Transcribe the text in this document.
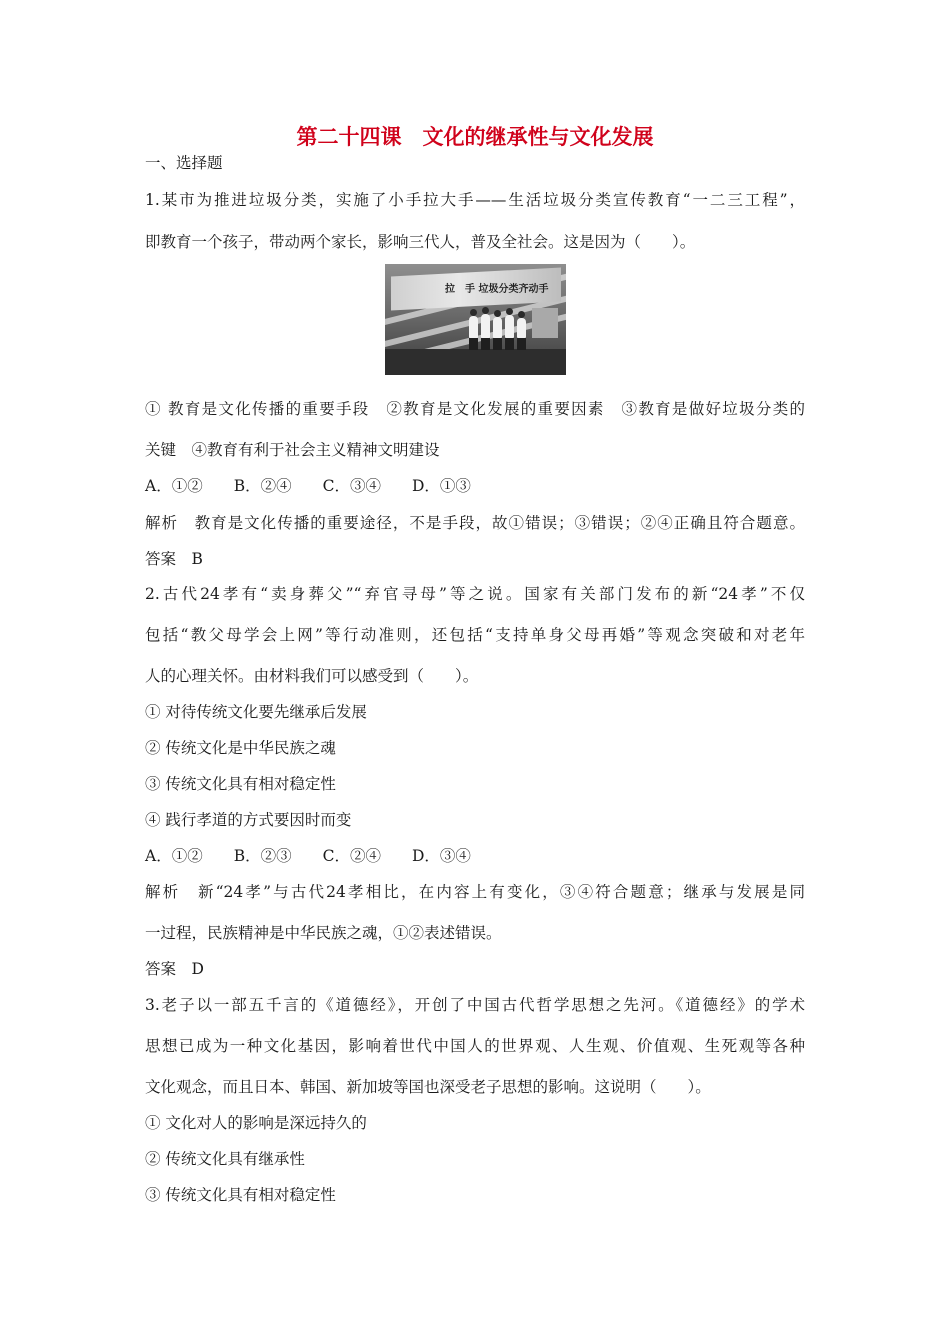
第二十四课　文化的继承性与文化发展
一、选择题
1.某市为推进垃圾分类，实施了小手拉大手——生活垃圾分类宣传教育“一二三工程”，
即教育一个孩子，带动两个家长，影响三代人，普及全社会。这是因为（　　）。
拉　手 垃圾分类齐动手
① 教育是文化传播的重要手段　②教育是文化发展的重要因素　③教育是做好垃圾分类的
关键　④教育有利于社会主义精神文明建设
A．①②　　B．②④　　C．③④　　D．①③
解析　教育是文化传播的重要途径，不是手段，故①错误；③错误；②④正确且符合题意。
答案　B
2.古代24孝有“卖身葬父”“弃官寻母”等之说。国家有关部门发布的新“24孝”不仅
包括“教父母学会上网”等行动准则，还包括“支持单身父母再婚”等观念突破和对老年
人的心理关怀。由材料我们可以感受到（　　）。
① 对待传统文化要先继承后发展
② 传统文化是中华民族之魂
③ 传统文化具有相对稳定性
④ 践行孝道的方式要因时而变
A．①②　　B．②③　　C．②④　　D．③④
解析　新“24孝”与古代24孝相比，在内容上有变化，③④符合题意；继承与发展是同
一过程，民族精神是中华民族之魂，①②表述错误。
答案　D
3.老子以一部五千言的《道德经》，开创了中国古代哲学思想之先河。《道德经》的学术
思想已成为一种文化基因，影响着世代中国人的世界观、人生观、价值观、生死观等各种
文化观念，而且日本、韩国、新加坡等国也深受老子思想的影响。这说明（　　）。
① 文化对人的影响是深远持久的
② 传统文化具有继承性
③ 传统文化具有相对稳定性
